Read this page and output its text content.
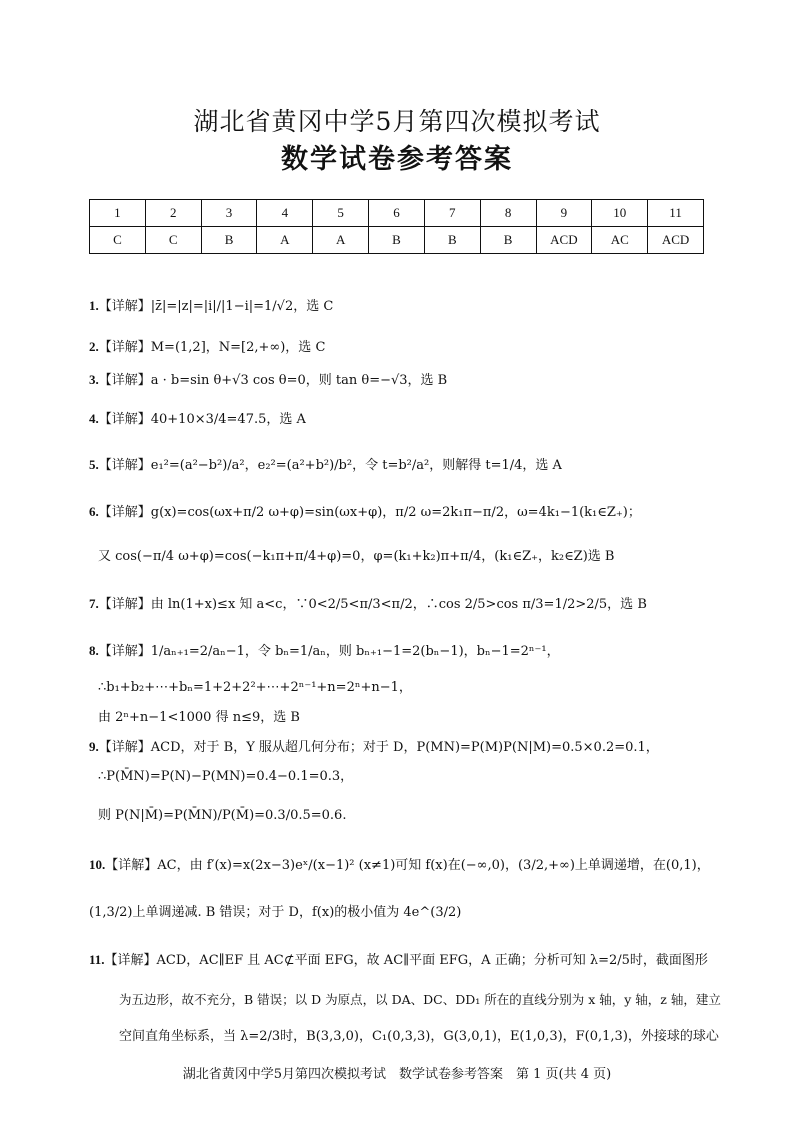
湖北省黄冈中学5月第四次模拟考试
数学试卷参考答案
1	2	3	4	5	6	7	8	9	10	11
C	C	B	A	A	B	B	B	ACD	AC	ACD
1.【详解】|z̄|=|z|=|i|/|1−i|=1/√2，选 C
2.【详解】M=(1,2]，N=[2,+∞)，选 C
3.【详解】a · b=sin θ+√3 cos θ=0，则 tan θ=−√3，选 B
4.【详解】40+10×3/4=47.5，选 A
5.【详解】e₁²=(a²−b²)/a²，e₂²=(a²+b²)/b²，令 t=b²/a²，则解得 t=1/4，选 A
6.【详解】g(x)=cos(ωx+π/2 ω+φ)=sin(ωx+φ)，π/2 ω=2k₁π−π/2，ω=4k₁−1(k₁∈Z₊)；
又 cos(−π/4 ω+φ)=cos(−k₁π+π/4+φ)=0，φ=(k₁+k₂)π+π/4，(k₁∈Z₊，k₂∈Z)选 B
7.【详解】由 ln(1+x)≤x 知 a<c，∵0<2/5<π/3<π/2，∴cos 2/5>cos π/3=1/2>2/5，选 B
8.【详解】1/aₙ₊₁=2/aₙ−1，令 bₙ=1/aₙ，则 bₙ₊₁−1=2(bₙ−1)，bₙ−1=2ⁿ⁻¹，
∴b₁+b₂+⋯+bₙ=1+2+2²+⋯+2ⁿ⁻¹+n=2ⁿ+n−1，
由 2ⁿ+n−1<1000 得 n≤9，选 B
9.【详解】ACD，对于 B，Y 服从超几何分布；对于 D，P(MN)=P(M)P(N|M)=0.5×0.2=0.1，
∴P(M̄N)=P(N)−P(MN)=0.4−0.1=0.3，
则 P(N|M̄)=P(M̄N)/P(M̄)=0.3/0.5=0.6.
10.【详解】AC，由 f′(x)=x(2x−3)eˣ/(x−1)² (x≠1)可知 f(x)在(−∞,0)，(3/2,+∞)上单调递增，在(0,1)，
(1,3/2)上单调递减. B 错误；对于 D，f(x)的极小值为 4e^(3/2)
11.【详解】ACD，AC∥EF 且 AC⊄平面 EFG，故 AC∥平面 EFG，A 正确；分析可知 λ=2/5时，截面图形
为五边形，故不充分，B 错误；以 D 为原点，以 DA、DC、DD₁ 所在的直线分别为 x 轴，y 轴，z 轴，建立
空间直角坐标系，当 λ=2/3时，B(3,3,0)，C₁(0,3,3)，G(3,0,1)，E(1,0,3)，F(0,1,3)，外接球的球心
湖北省黄冈中学5月第四次模拟考试　数学试卷参考答案　第 1 页(共 4 页)
